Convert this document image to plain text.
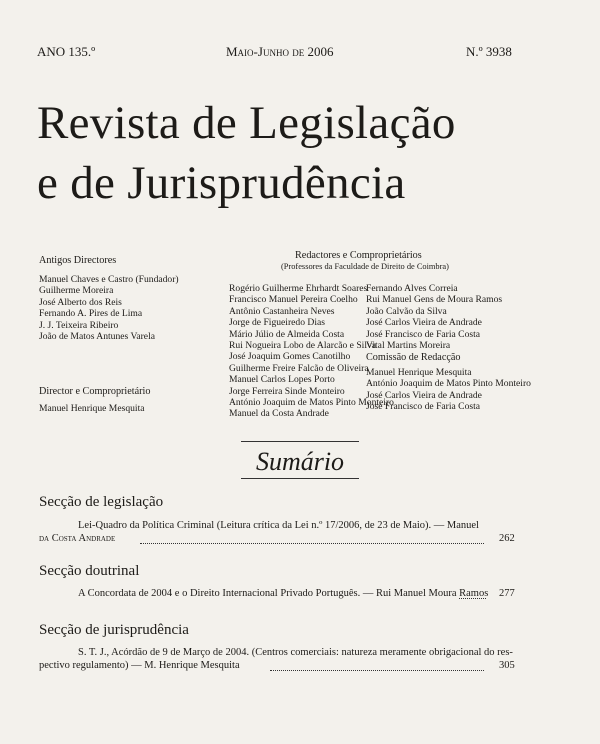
ANO 135.º	Maio-Junho de 2006	N.º 3938
Revista de Legislação
e de Jurisprudência
Antigos Directores
Manuel Chaves e Castro (Fundador)
Guilherme Moreira
José Alberto dos Reis
Fernando A. Pires de Lima
J. J. Teixeira Ribeiro
João de Matos Antunes Varela
Director e Comproprietário
Manuel Henrique Mesquita
Redactores e Comproprietários
(Professores da Faculdade de Direito de Coimbra)
Rogério Guilherme Ehrhardt Soares
Francisco Manuel Pereira Coelho
Antônio Castanheira Neves
Jorge de Figueiredo Dias
Mário Júlio de Almeida Costa
Rui Nogueira Lobo de Alarcão e Silva
José Joaquim Gomes Canotilho
Guilherme Freire Falcão de Oliveira
Manuel Carlos Lopes Porto
Jorge Ferreira Sinde Monteiro
António Joaquim de Matos Pinto Monteiro
Manuel da Costa Andrade
Fernando Alves Correia
Rui Manuel Gens de Moura Ramos
João Calvão da Silva
José Carlos Vieira de Andrade
José Francisco de Faria Costa
Vital Martins Moreira
Comissão de Redacção
Manuel Henrique Mesquita
António Joaquim de Matos Pinto Monteiro
José Carlos Vieira de Andrade
José Francisco de Faria Costa
Sumário
Secção de legislação
Lei-Quadro da Política Criminal (Leitura crítica da Lei n.º 17/2006, de 23 de Maio). — Manuel
da Costa Andrade	262
Secção doutrinal
A Concordata de 2004 e o Direito Internacional Privado Português. — Rui Manuel Moura Ramos 277
Secção de jurisprudência
S. T. J., Acórdão de 9 de Março de 2004. (Centros comerciais: natureza meramente obrigacional do res-
pectivo regulamento) — M. Henrique Mesquita	305
